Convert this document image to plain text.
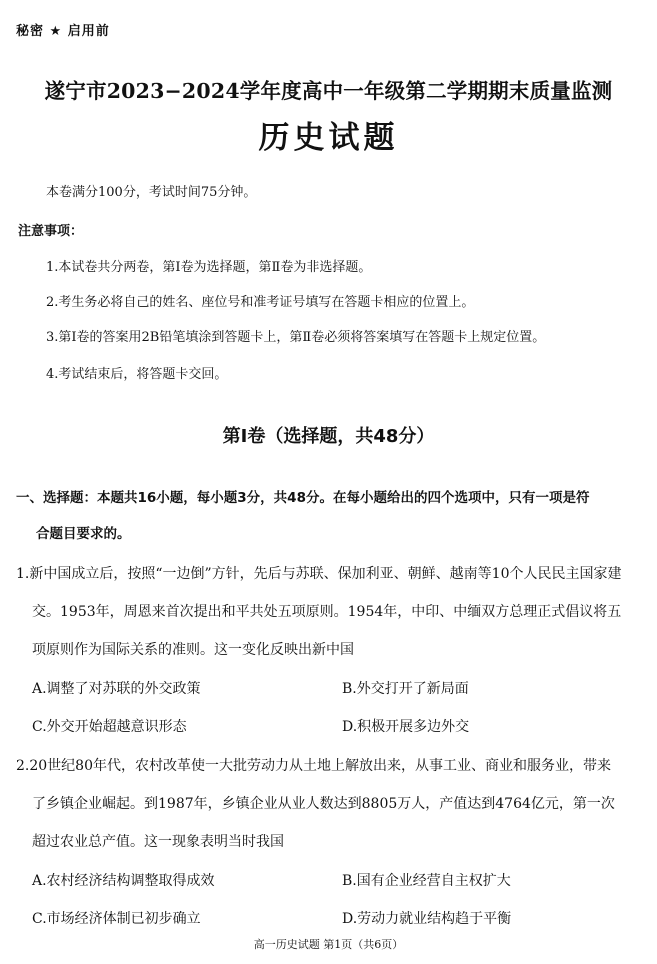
秘密 ★ 启用前
遂宁市2023−2024学年度高中一年级第二学期期末质量监测
历史试题
本卷满分100分，考试时间75分钟。
注意事项：
1.本试卷共分两卷，第Ⅰ卷为选择题，第Ⅱ卷为非选择题。
2.考生务必将自己的姓名、座位号和准考证号填写在答题卡相应的位置上。
3.第Ⅰ卷的答案用2B铅笔填涂到答题卡上，第Ⅱ卷必须将答案填写在答题卡上规定位置。
4.考试结束后，将答题卡交回。
第Ⅰ卷（选择题，共48分）
一、选择题：本题共16小题，每小题3分，共48分。在每小题给出的四个选项中，只有一项是符
合题目要求的。
1.新中国成立后，按照“一边倒”方针，先后与苏联、保加利亚、朝鲜、越南等10个人民民主国家建
交。1953年，周恩来首次提出和平共处五项原则。1954年，中印、中缅双方总理正式倡议将五
项原则作为国际关系的准则。这一变化反映出新中国
A.调整了对苏联的外交政策	B.外交打开了新局面
C.外交开始超越意识形态	D.积极开展多边外交
2.20世纪80年代，农村改革使一大批劳动力从土地上解放出来，从事工业、商业和服务业，带来
了乡镇企业崛起。到1987年，乡镇企业从业人数达到8805万人，产值达到4764亿元，第一次
超过农业总产值。这一现象表明当时我国
A.农村经济结构调整取得成效	B.国有企业经营自主权扩大
C.市场经济体制已初步确立	D.劳动力就业结构趋于平衡
高一历史试题 第1页（共6页）
